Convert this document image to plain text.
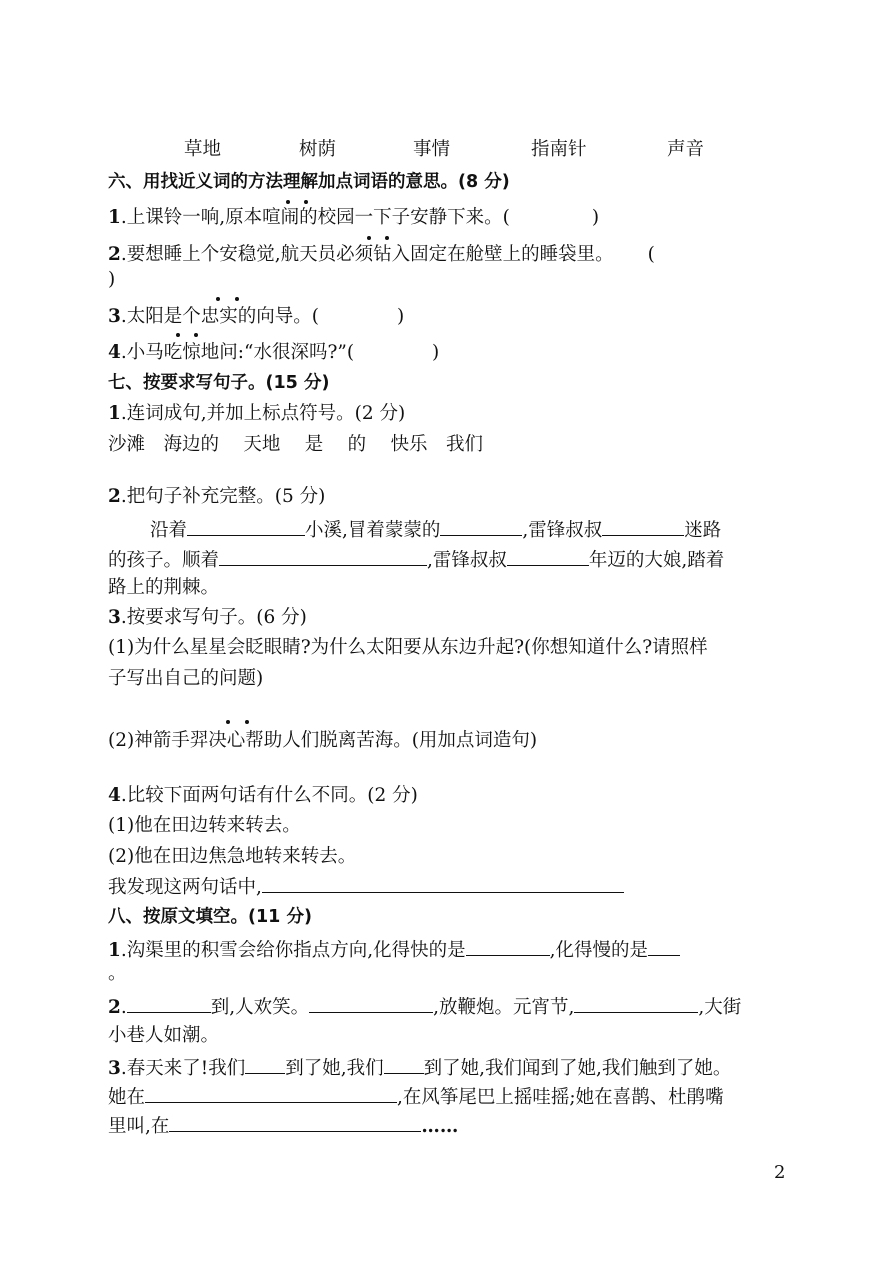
草地	树荫	事情	指南针	声音
六、用找近义词的方法理解加点词语的意思。(8 分)
1.上课铃一响,原本喧闹的校园一下子安静下来。(	)
2.要想睡上个安稳觉,航天员必须钻入固定在舱壁上的睡袋里。 (
)
3.太阳是个忠实的向导。(	)
4.小马吃惊地问:“水很深吗?”(	)
七、按要求写句子。(15 分)
1.连词成句,并加上标点符号。(2 分)
沙滩　海边的　 天地　 是　 的　 快乐　我们
2.把句子补充完整。(5 分)
沿着	小溪,冒着蒙蒙的	,雷锋叔叔	迷路
的孩子。顺着	,雷锋叔叔	年迈的大娘,踏着
路上的荆棘。
3.按要求写句子。(6 分)
(1)为什么星星会眨眼睛?为什么太阳要从东边升起?(你想知道什么?请照样
子写出自己的问题)
(2)神箭手羿决心帮助人们脱离苦海。(用加点词造句)
4.比较下面两句话有什么不同。(2 分)
(1)他在田边转来转去。
(2)他在田边焦急地转来转去。
我发现这两句话中,
八、按原文填空。(11 分)
1.沟渠里的积雪会给你指点方向,化得快的是	,化得慢的是
。
2.	到,人欢笑。	,放鞭炮。元宵节,	,大街
小巷人如潮。
3.春天来了!我们 到了她,我们 到了她,我们闻到了她,我们触到了她。
她在	,在风筝尾巴上摇哇摇;她在喜鹊、杜鹃嘴
里叫,在	……
2
